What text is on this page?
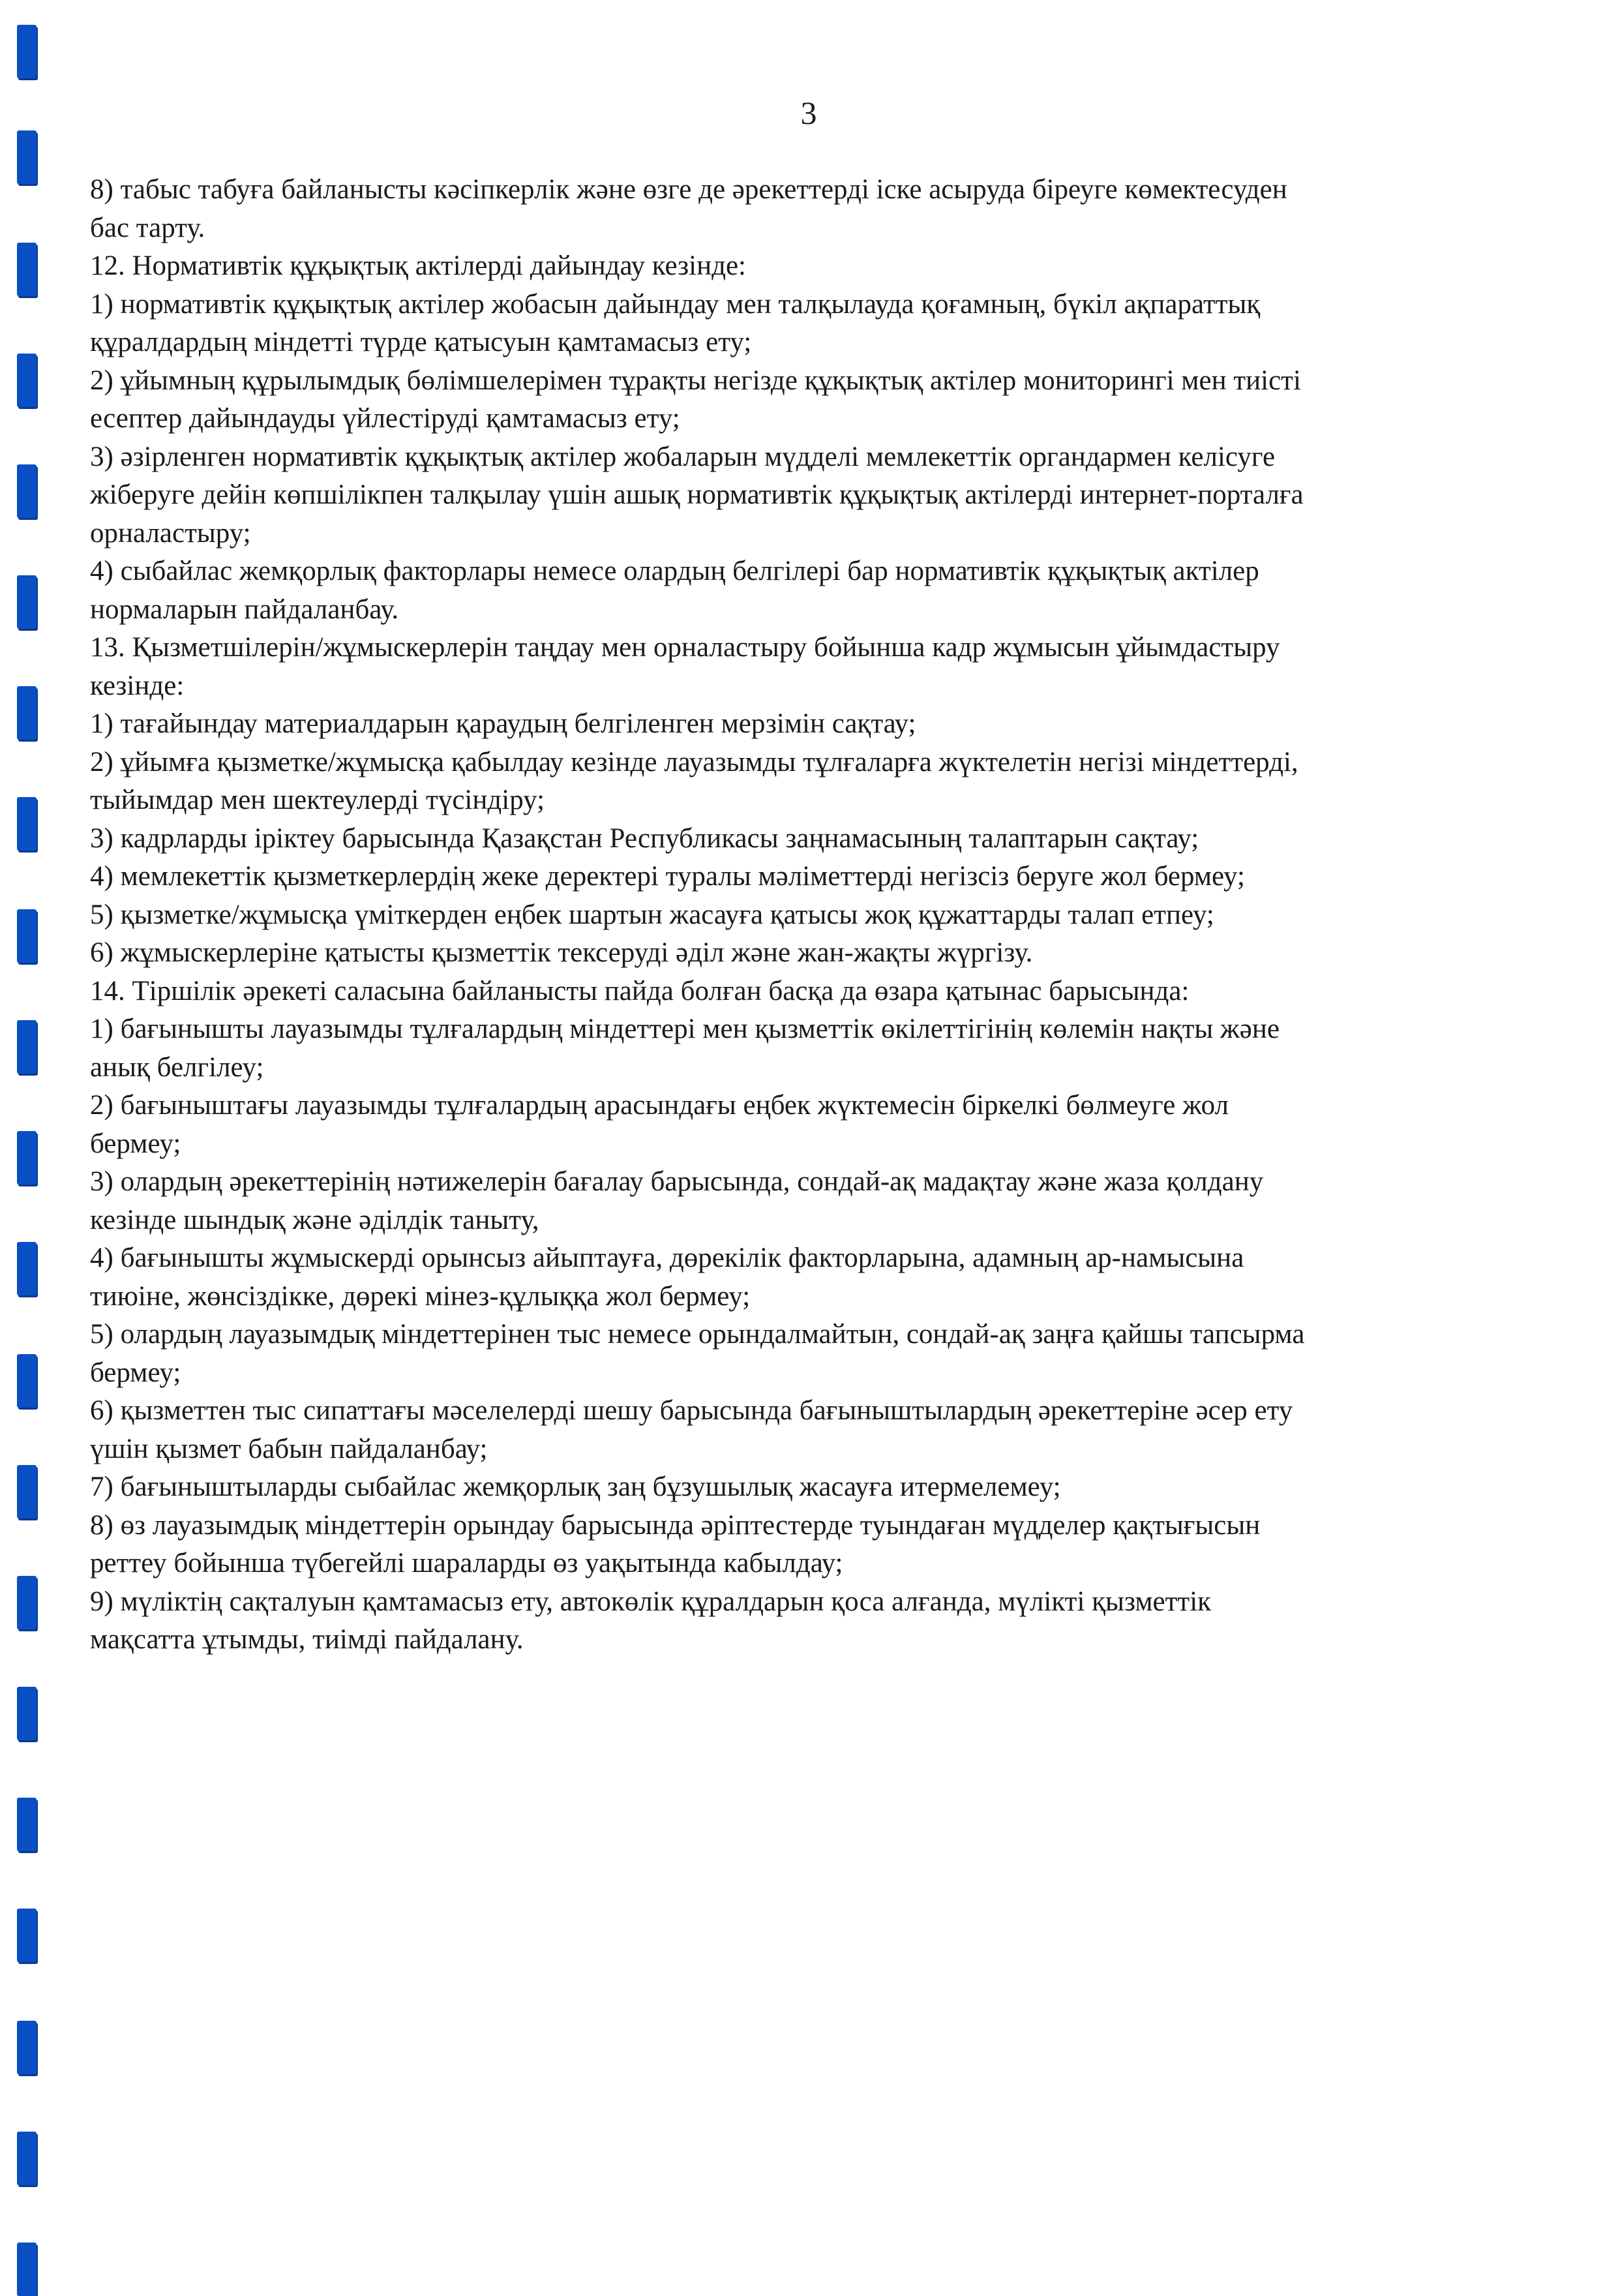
3
8) табыс табуға байланысты кәсіпкерлік және өзге де әрекеттерді іске асыруда біреуге көмектесуден
бас тарту.
12. Нормативтік құқықтық актілерді дайындау кезінде:
1) нормативтік құқықтық актілер жобасын дайындау мен талқылауда қоғамның, бүкіл ақпараттық
құралдардың міндетті түрде қатысуын қамтамасыз ету;
2) ұйымның құрылымдық бөлімшелерімен тұрақты негізде құқықтық актілер мониторингі мен тиісті
есептер дайындауды үйлестіруді қамтамасыз ету;
3) әзірленген нормативтік құқықтық актілер жобаларын мүдделі мемлекеттік органдармен келісуге
жіберуге дейін көпшілікпен талқылау үшін ашық нормативтік құқықтық актілерді интернет-порталға
орналастыру;
4) сыбайлас жемқорлық факторлары немесе олардың белгілері бар нормативтік құқықтық актілер
нормаларын пайдаланбау.
13. Қызметшілерін/жұмыскерлерін таңдау мен орналастыру бойынша кадр жұмысын ұйымдастыру
кезінде:
1) тағайындау материалдарын қараудың белгіленген мерзімін сақтау;
2) ұйымға қызметке/жұмысқа қабылдау кезінде лауазымды тұлғаларға жүктелетін негізі міндеттерді,
тыйымдар мен шектеулерді түсіндіру;
3) кадрларды іріктеу барысында Қазақстан Республикасы заңнамасының талаптарын сақтау;
4) мемлекеттік қызметкерлердің жеке деректері туралы мәліметтерді негізсіз беруге жол бермеу;
5) қызметке/жұмысқа үміткерден еңбек шартын жасауға қатысы жоқ құжаттарды талап етпеу;
6) жұмыскерлеріне қатысты қызметтік тексеруді әділ және жан-жақты жүргізу.
14. Тіршілік әрекеті саласына байланысты пайда болған басқа да өзара қатынас барысында:
1) бағынышты лауазымды тұлғалардың міндеттері мен қызметтік өкілеттігінің көлемін нақты және
анық белгілеу;
2) бағыныштағы лауазымды тұлғалардың арасындағы еңбек жүктемесін біркелкі бөлмеуге жол
бермеу;
3) олардың әрекеттерінің нәтижелерін бағалау барысында, сондай-ақ мадақтау және жаза қолдану
кезінде шындық және әділдік таныту,
4) бағынышты жұмыскерді орынсыз айыптауға, дөрекілік факторларына, адамның ар-намысына
тиюіне, жөнсіздікке, дөрекі мінез-құлыққа жол бермеу;
5) олардың лауазымдық міндеттерінен тыс немесе орындалмайтын, сондай-ақ заңға қайшы тапсырма
бермеу;
6) қызметтен тыс сипаттағы мәселелерді шешу барысында бағыныштылардың әрекеттеріне әсер ету
үшін қызмет бабын пайдаланбау;
7) бағыныштыларды сыбайлас жемқорлық заң бұзушылық жасауға итермелемеу;
8) өз лауазымдық міндеттерін орындау барысында әріптестерде туындаған мүдделер қақтығысын
реттеу бойынша түбегейлі шараларды өз уақытында кабылдау;
9) мүліктің сақталуын қамтамасыз ету, автокөлік құралдарын қоса алғанда, мүлікті қызметтік
мақсатта ұтымды, тиімді пайдалану.
